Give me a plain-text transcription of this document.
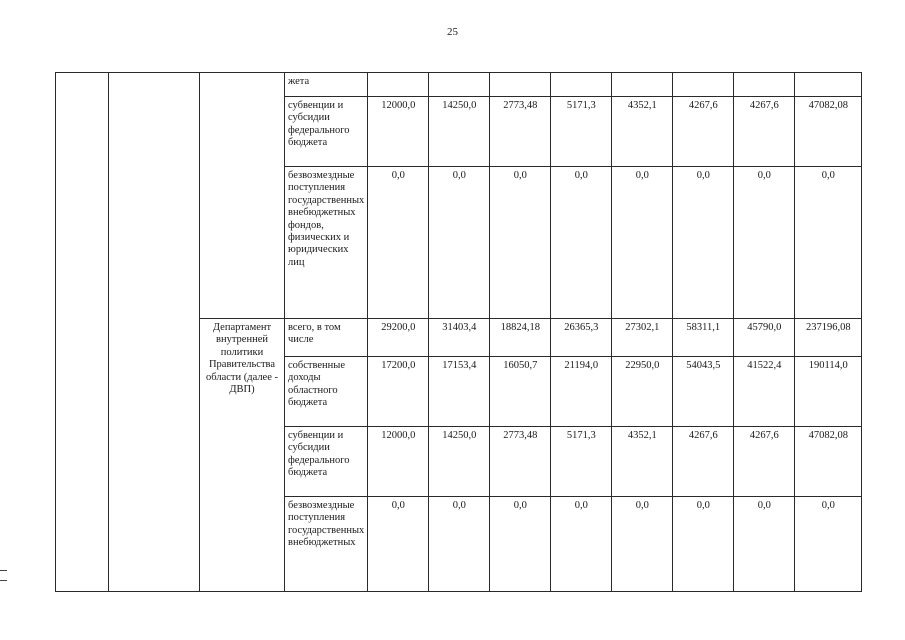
25
			жета								
			субвенции и субсидии федерального бюджета	12000,0	14250,0	2773,48	5171,3	4352,1	4267,6	4267,6	47082,08
			безвозмездные поступления государственных внебюджетных фондов, физических и юридических лиц	0,0	0,0	0,0	0,0	0,0	0,0	0,0	0,0
		Департамент внутренней политики Правительства области (далее - ДВП)	всего, в том числе	29200,0	31403,4	18824,18	26365,3	27302,1	58311,1	45790,0	237196,08
			собственные доходы областного бюджета	17200,0	17153,4	16050,7	21194,0	22950,0	54043,5	41522,4	190114,0
			субвенции и субсидии федерального бюджета	12000,0	14250,0	2773,48	5171,3	4352,1	4267,6	4267,6	47082,08
			безвозмездные поступления государственных внебюджетных	0,0	0,0	0,0	0,0	0,0	0,0	0,0	0,0
